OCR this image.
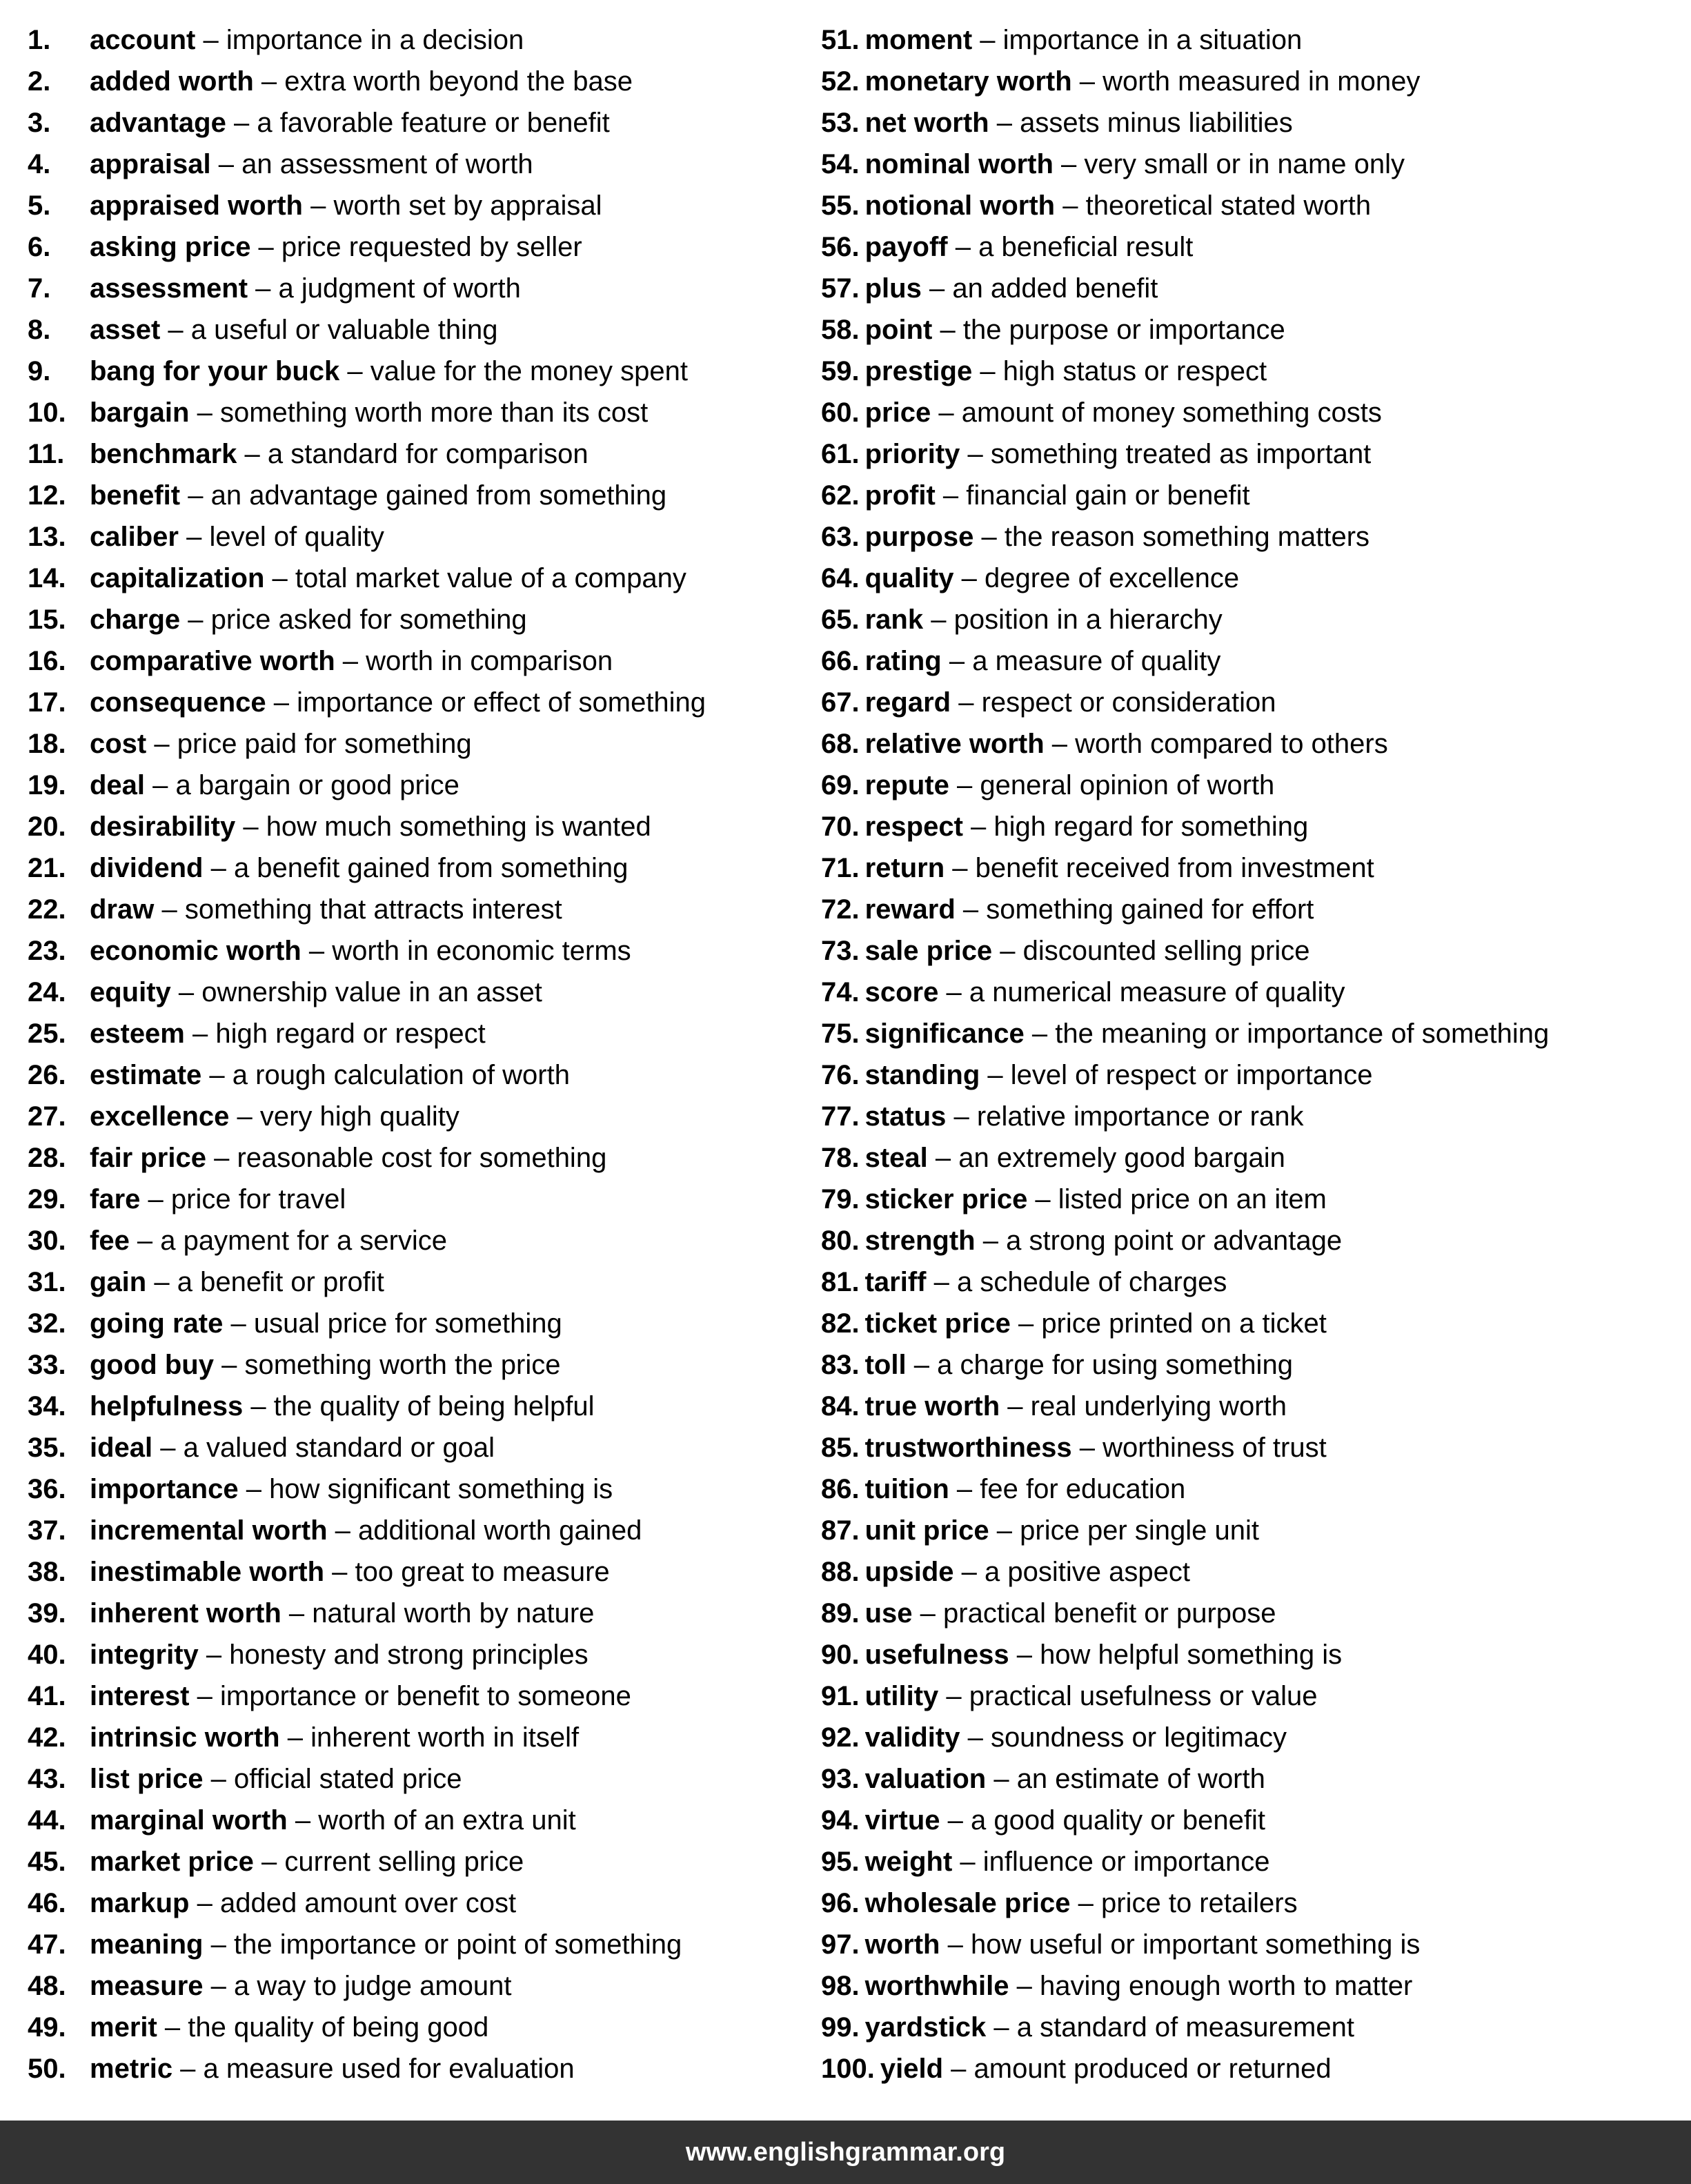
1.	account – importance in a decision
2.	added worth – extra worth beyond the base
3.	advantage – a favorable feature or benefit
4.	appraisal – an assessment of worth
5.	appraised worth – worth set by appraisal
6.	asking price – price requested by seller
7.	assessment – a judgment of worth
8.	asset – a useful or valuable thing
9.	bang for your buck – value for the money spent
10. bargain – something worth more than its cost
11. benchmark – a standard for comparison
12. benefit – an advantage gained from something
13. caliber – level of quality
14. capitalization – total market value of a company
15. charge – price asked for something
16. comparative worth – worth in comparison
17. consequence – importance or effect of something
18. cost – price paid for something
19. deal – a bargain or good price
20. desirability – how much something is wanted
21. dividend – a benefit gained from something
22. draw – something that attracts interest
23. economic worth – worth in economic terms
24. equity – ownership value in an asset
25. esteem – high regard or respect
26. estimate – a rough calculation of worth
27. excellence – very high quality
28. fair price – reasonable cost for something
29. fare – price for travel
30. fee – a payment for a service
31. gain – a benefit or profit
32. going rate – usual price for something
33. good buy – something worth the price
34. helpfulness – the quality of being helpful
35. ideal – a valued standard or goal
36. importance – how significant something is
37. incremental worth – additional worth gained
38. inestimable worth – too great to measure
39. inherent worth – natural worth by nature
40. integrity – honesty and strong principles
41. interest – importance or benefit to someone
42. intrinsic worth – inherent worth in itself
43. list price – official stated price
44. marginal worth – worth of an extra unit
45. market price – current selling price
46. markup – added amount over cost
47. meaning – the importance or point of something
48. measure – a way to judge amount
49. merit – the quality of being good
50. metric – a measure used for evaluation
51. moment – importance in a situation
52. monetary worth – worth measured in money
53. net worth – assets minus liabilities
54. nominal worth – very small or in name only
55. notional worth – theoretical stated worth
56. payoff – a beneficial result
57. plus – an added benefit
58. point – the purpose or importance
59. prestige – high status or respect
60. price – amount of money something costs
61. priority – something treated as important
62. profit – financial gain or benefit
63. purpose – the reason something matters
64. quality – degree of excellence
65. rank – position in a hierarchy
66. rating – a measure of quality
67. regard – respect or consideration
68. relative worth – worth compared to others
69. repute – general opinion of worth
70. respect – high regard for something
71. return – benefit received from investment
72. reward – something gained for effort
73. sale price – discounted selling price
74. score – a numerical measure of quality
75. significance – the meaning or importance of something
76. standing – level of respect or importance
77. status – relative importance or rank
78. steal – an extremely good bargain
79. sticker price – listed price on an item
80. strength – a strong point or advantage
81. tariff – a schedule of charges
82. ticket price – price printed on a ticket
83. toll – a charge for using something
84. true worth – real underlying worth
85. trustworthiness – worthiness of trust
86. tuition – fee for education
87. unit price – price per single unit
88. upside – a positive aspect
89. use – practical benefit or purpose
90. usefulness – how helpful something is
91. utility – practical usefulness or value
92. validity – soundness or legitimacy
93. valuation – an estimate of worth
94. virtue – a good quality or benefit
95. weight – influence or importance
96. wholesale price – price to retailers
97. worth – how useful or important something is
98. worthwhile – having enough worth to matter
99. yardstick – a standard of measurement
100. yield – amount produced or returned
www.englishgrammar.org
